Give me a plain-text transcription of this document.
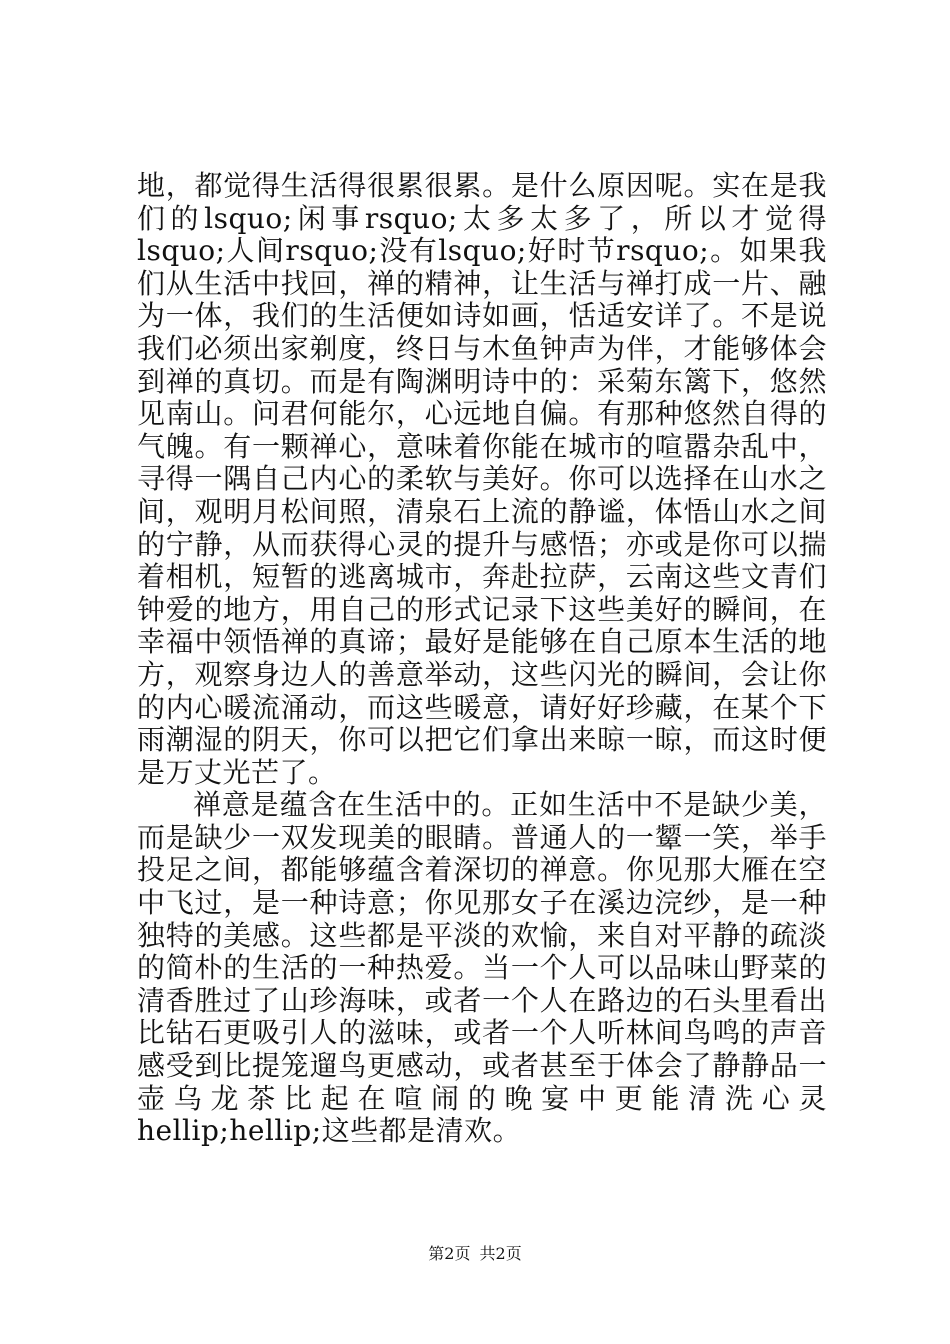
地，都觉得生活得很累很累。是什么原因呢。实在是我们的lsquo;闲事rsquo;太多太多了，所以才觉得lsquo;人间rsquo;没有lsquo;好时节rsquo;。如果我们从生活中找回，禅的精神，让生活与禅打成一片、融为一体，我们的生活便如诗如画，恬适安详了。不是说我们必须出家剃度，终日与木鱼钟声为伴，才能够体会到禅的真切。而是有陶渊明诗中的：采菊东篱下，悠然见南山。问君何能尔，心远地自偏。有那种悠然自得的气魄。有一颗禅心，意味着你能在城市的喧嚣杂乱中，寻得一隅自己内心的柔软与美好。你可以选择在山水之间，观明月松间照，清泉石上流的静谧，体悟山水之间的宁静，从而获得心灵的提升与感悟；亦或是你可以揣着相机，短暂的逃离城市，奔赴拉萨，云南这些文青们钟爱的地方，用自己的形式记录下这些美好的瞬间，在幸福中领悟禅的真谛；最好是能够在自己原本生活的地方，观察身边人的善意举动，这些闪光的瞬间，会让你的内心暖流涌动，而这些暖意，请好好珍藏，在某个下雨潮湿的阴天，你可以把它们拿出来晾一晾，而这时便是万丈光芒了。

禅意是蕴含在生活中的。正如生活中不是缺少美，而是缺少一双发现美的眼睛。普通人的一颦一笑，举手投足之间，都能够蕴含着深切的禅意。你见那大雁在空中飞过，是一种诗意；你见那女子在溪边浣纱，是一种独特的美感。这些都是平淡的欢愉，来自对平静的疏淡的简朴的生活的一种热爱。当一个人可以品味山野菜的清香胜过了山珍海味，或者一个人在路边的石头里看出比钻石更吸引人的滋味，或者一个人听林间鸟鸣的声音感受到比提笼遛鸟更感动，或者甚至于体会了静静品一壶乌龙茶比起在喧闹的晚宴中更能清洗心灵hellip;hellip;这些都是清欢。

第2页 共2页
